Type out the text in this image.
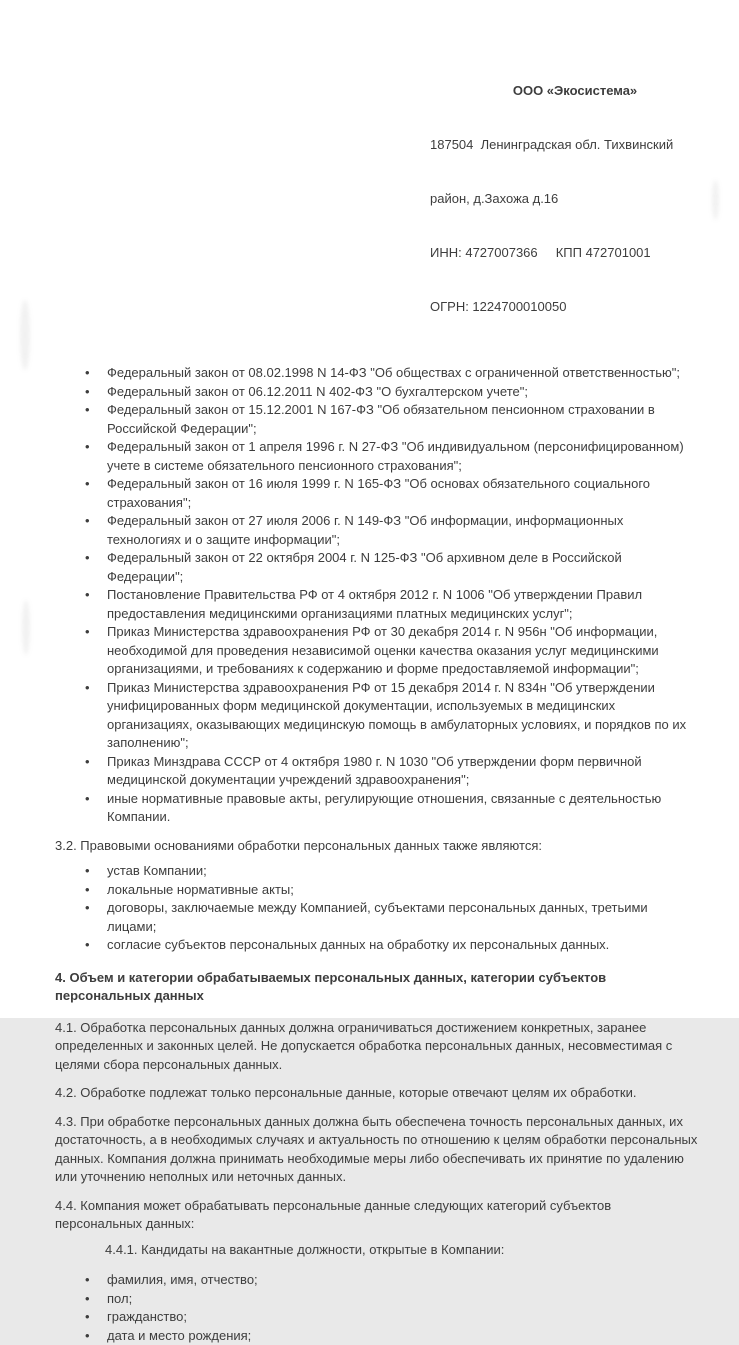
ООО «Экосистема»

187504  Ленинградская обл. Тихвинский

район, д.Захожа д.16

ИНН: 4727007366     КПП 472701001

ОГРН: 1224700010050

•	Федеральный закон от 08.02.1998 N 14-ФЗ "Об обществах с ограниченной ответственностью";
•	Федеральный закон от 06.12.2011 N 402-ФЗ "О бухгалтерском учете";
•	Федеральный закон от 15.12.2001 N 167-ФЗ "Об обязательном пенсионном страховании в Российской Федерации";
•	Федеральный закон от 1 апреля 1996 г. N 27-ФЗ "Об индивидуальном (персонифицированном) учете в системе обязательного пенсионного страхования";
•	Федеральный закон от 16 июля 1999 г. N 165-ФЗ "Об основах обязательного социального страхования";
•	Федеральный закон от 27 июля 2006 г. N 149-ФЗ "Об информации, информационных технологиях и о защите информации";
•	Федеральный закон от 22 октября 2004 г. N 125-ФЗ "Об архивном деле в Российской Федерации";
•	Постановление Правительства РФ от 4 октября 2012 г. N 1006 "Об утверждении Правил предоставления медицинскими организациями платных медицинских услуг";
•	Приказ Министерства здравоохранения РФ от 30 декабря 2014 г. N 956н "Об информации, необходимой для проведения независимой оценки качества оказания услуг медицинскими организациями, и требованиях к содержанию и форме предоставляемой информации";
•	Приказ Министерства здравоохранения РФ от 15 декабря 2014 г. N 834н "Об утверждении унифицированных форм медицинской документации, используемых в медицинских организациях, оказывающих медицинскую помощь в амбулаторных условиях, и порядков по их заполнению";
•	Приказ Минздрава СССР от 4 октября 1980 г. N 1030 "Об утверждении форм первичной медицинской документации учреждений здравоохранения";
•	иные нормативные правовые акты, регулирующие отношения, связанные с деятельностью Компании.

3.2. Правовыми основаниями обработки персональных данных также являются:

•	устав Компании;
•	локальные нормативные акты;
•	договоры, заключаемые между Компанией, субъектами персональных данных, третьими лицами;
•	согласие субъектов персональных данных на обработку их персональных данных.

4. Объем и категории обрабатываемых персональных данных, категории субъектов персональных данных

4.1. Обработка персональных данных должна ограничиваться достижением конкретных, заранее определенных и законных целей. Не допускается обработка персональных данных, несовместимая с целями сбора персональных данных.

4.2. Обработке подлежат только персональные данные, которые отвечают целям их обработки.

4.3. При обработке персональных данных должна быть обеспечена точность персональных данных, их достаточность, а в необходимых случаях и актуальность по отношению к целям обработки персональных данных. Компания должна принимать необходимые меры либо обеспечивать их принятие по удалению или уточнению неполных или неточных данных.

4.4. Компания может обрабатывать персональные данные следующих категорий субъектов персональных данных:

4.4.1. Кандидаты на вакантные должности, открытые в Компании:

•	фамилия, имя, отчество;
•	пол;
•	гражданство;
•	дата и место рождения;
